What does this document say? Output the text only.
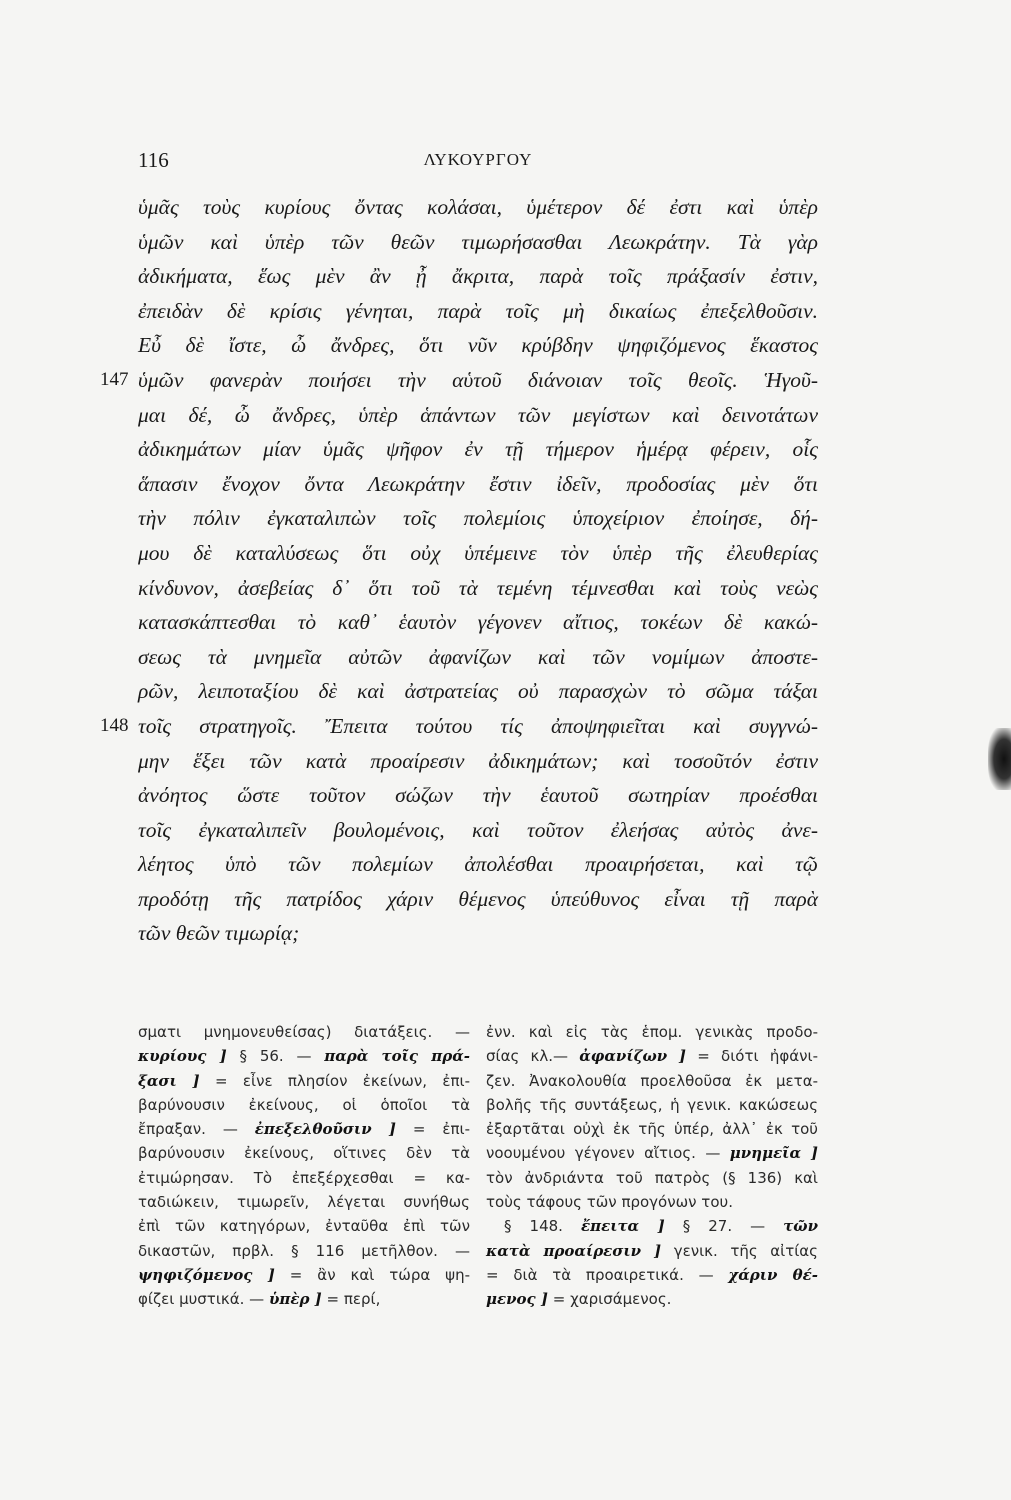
116	ΛΥΚΟΥΡΓΟΥ
ὑμᾶς τοὺς κυρίους ὄντας κολάσαι, ὑμέτερον δέ ἐστι καὶ ὑπὲρ
ὑμῶν καὶ ὑπὲρ τῶν θεῶν τιμωρήσασθαι Λεωκράτην. Τὰ γὰρ
ἀδικήματα, ἕως μὲν ἂν ᾖ ἄκριτα, παρὰ τοῖς πράξασίν ἐστιν,
ἐπειδὰν δὲ κρίσις γένηται, παρὰ τοῖς μὴ δικαίως ἐπεξελθοῦσιν.
Εὖ δὲ ἴστε, ὦ ἄνδρες, ὅτι νῦν κρύβδην ψηφιζόμενος ἕκαστος
147 ὑμῶν φανερὰν ποιήσει τὴν αὑτοῦ διάνοιαν τοῖς θεοῖς. Ἡγοῦ-
μαι δέ, ὦ ἄνδρες, ὑπὲρ ἁπάντων τῶν μεγίστων καὶ δεινοτάτων
ἀδικημάτων μίαν ὑμᾶς ψῆφον ἐν τῇ τήμερον ἡμέρᾳ φέρειν, οἷς
ἅπασιν ἔνοχον ὄντα Λεωκράτην ἔστιν ἰδεῖν, προδοσίας μὲν ὅτι
τὴν πόλιν ἐγκαταλιπὼν τοῖς πολεμίοις ὑποχείριον ἐποίησε, δή-
μου δὲ καταλύσεως ὅτι οὐχ ὑπέμεινε τὸν ὑπὲρ τῆς ἐλευθερίας
κίνδυνον, ἀσεβείας δ᾽ ὅτι τοῦ τὰ τεμένη τέμνεσθαι καὶ τοὺς νεὼς
κατασκάπτεσθαι τὸ καθ᾽ ἑαυτὸν γέγονεν αἴτιος, τοκέων δὲ κακώ-
σεως τὰ μνημεῖα αὐτῶν ἀφανίζων καὶ τῶν νομίμων ἀποστε-
ρῶν, λειποταξίου δὲ καὶ ἀστρατείας οὐ παρασχὼν τὸ σῶμα τάξαι
148 τοῖς στρατηγοῖς. Ἔπειτα τούτου τίς ἀποψηφιεῖται καὶ συγγνώ-
μην ἕξει τῶν κατὰ προαίρεσιν ἀδικημάτων; καὶ τοσοῦτόν ἐστιν
ἀνόητος ὥστε τοῦτον σώζων τὴν ἑαυτοῦ σωτηρίαν προέσθαι
τοῖς ἐγκαταλιπεῖν βουλομένοις, καὶ τοῦτον ἐλεήσας αὐτὸς ἀνε-
λέητος ὑπὸ τῶν πολεμίων ἀπολέσθαι προαιρήσεται, καὶ τῷ
προδότῃ τῆς πατρίδος χάριν θέμενος ὑπεύθυνος εἶναι τῇ παρὰ
τῶν θεῶν τιμωρίᾳ;
σματι μνημονευθείσας) διατάξεις. —
κυρίους ] § 56. — παρὰ τοῖς πρά-
ξασι ] = εἶνε πλησίον ἐκείνων, ἐπι-
βαρύνουσιν ἐκείνους, οἱ ὁποῖοι τὰ
ἔπραξαν. — ἐπεξελθοῦσιν ] = ἐπι-
βαρύνουσιν ἐκείνους, οἵτινες δὲν τὰ
ἐτιμώρησαν. Τὸ ἐπεξέρχεσθαι = κα-
ταδιώκειν, τιμωρεῖν, λέγεται συνήθως
ἐπὶ τῶν κατηγόρων, ἐνταῦθα ἐπὶ τῶν
δικαστῶν, πρβλ. § 116 μετῆλθον. —
ψηφιζόμενος ] = ἂν καὶ τώρα ψη-
φίζει μυστικά. — ὑπὲρ ] = περί,
ἐνν. καὶ εἰς τὰς ἑπομ. γενικὰς προδο-
σίας κλ.— ἀφανίζων ] = διότι ἠφάνι-
ζεν. Ἀνακολουθία προελθοῦσα ἐκ μετα-
βολῆς τῆς συντάξεως, ἡ γενικ. κακώσεως
ἐξαρτᾶται οὐχὶ ἐκ τῆς ὑπέρ, ἀλλ᾽ ἐκ τοῦ
νοουμένου γέγονεν αἴτιος. — μνημεῖα ]
τὸν ἀνδριάντα τοῦ πατρὸς (§ 136) καὶ
τοὺς τάφους τῶν προγόνων του.
§ 148. ἔπειτα ] § 27. — τῶν
κατὰ προαίρεσιν ] γενικ. τῆς αἰτίας
= διὰ τὰ προαιρετικά. — χάριν θέ-
μενος ] = χαρισάμενος.
